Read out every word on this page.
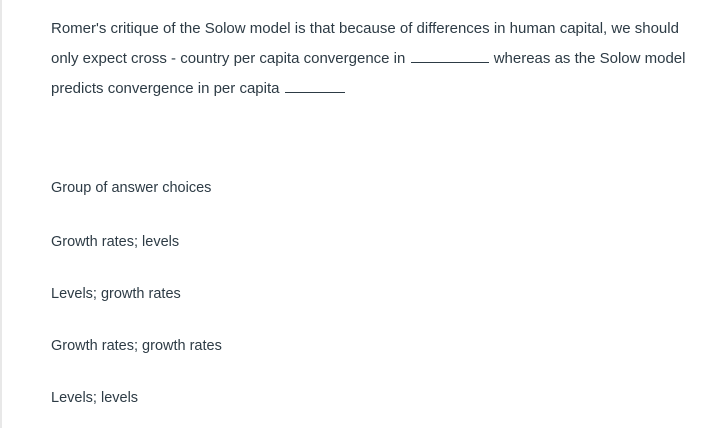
Romer's critique of the Solow model is that because of differences in human capital, we should
only expect cross - country per capita convergence in	whereas as the Solow model
predicts convergence in per capita
Group of answer choices
Growth rates; levels
Levels; growth rates
Growth rates; growth rates
Levels; levels
